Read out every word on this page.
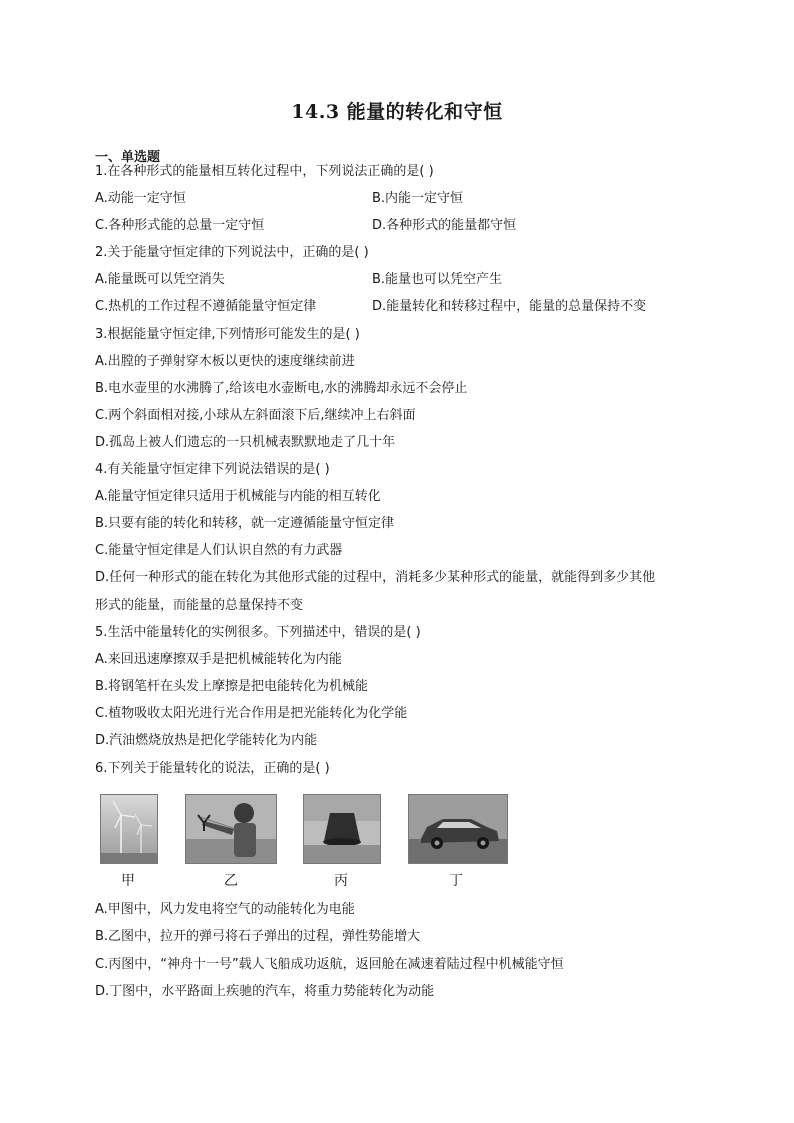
14.3 能量的转化和守恒
一、单选题
1.在各种形式的能量相互转化过程中，下列说法正确的是( )
A.动能一定守恒	B.内能一定守恒
C.各种形式能的总量一定守恒	D.各种形式的能量都守恒
2.关于能量守恒定律的下列说法中，正确的是( )
A.能量既可以凭空消失	B.能量也可以凭空产生
C.热机的工作过程不遵循能量守恒定律	D.能量转化和转移过程中，能量的总量保持不变
3.根据能量守恒定律,下列情形可能发生的是( )
A.出膛的子弹射穿木板以更快的速度继续前进
B.电水壶里的水沸腾了,给该电水壶断电,水的沸腾却永远不会停止
C.两个斜面相对接,小球从左斜面滚下后,继续冲上右斜面
D.孤岛上被人们遗忘的一只机械表默默地走了几十年
4.有关能量守恒定律下列说法错误的是( )
A.能量守恒定律只适用于机械能与内能的相互转化
B.只要有能的转化和转移，就一定遵循能量守恒定律
C.能量守恒定律是人们认识自然的有力武器
D.任何一种形式的能在转化为其他形式能的过程中，消耗多少某种形式的能量，就能得到多少其他
形式的能量，而能量的总量保持不变
5.生活中能量转化的实例很多。下列描述中，错误的是( )
A.来回迅速摩擦双手是把机械能转化为内能
B.将钢笔杆在头发上摩擦是把电能转化为机械能
C.植物吸收太阳光进行光合作用是把光能转化为化学能
D.汽油燃烧放热是把化学能转化为内能
6.下列关于能量转化的说法，正确的是( )
甲	乙	丙	丁
A.甲图中，风力发电将空气的动能转化为电能
B.乙图中，拉开的弹弓将石子弹出的过程，弹性势能增大
C.丙图中，“神舟十一号”载人飞船成功返航，返回舱在减速着陆过程中机械能守恒
D.丁图中，水平路面上疾驰的汽车，将重力势能转化为动能
